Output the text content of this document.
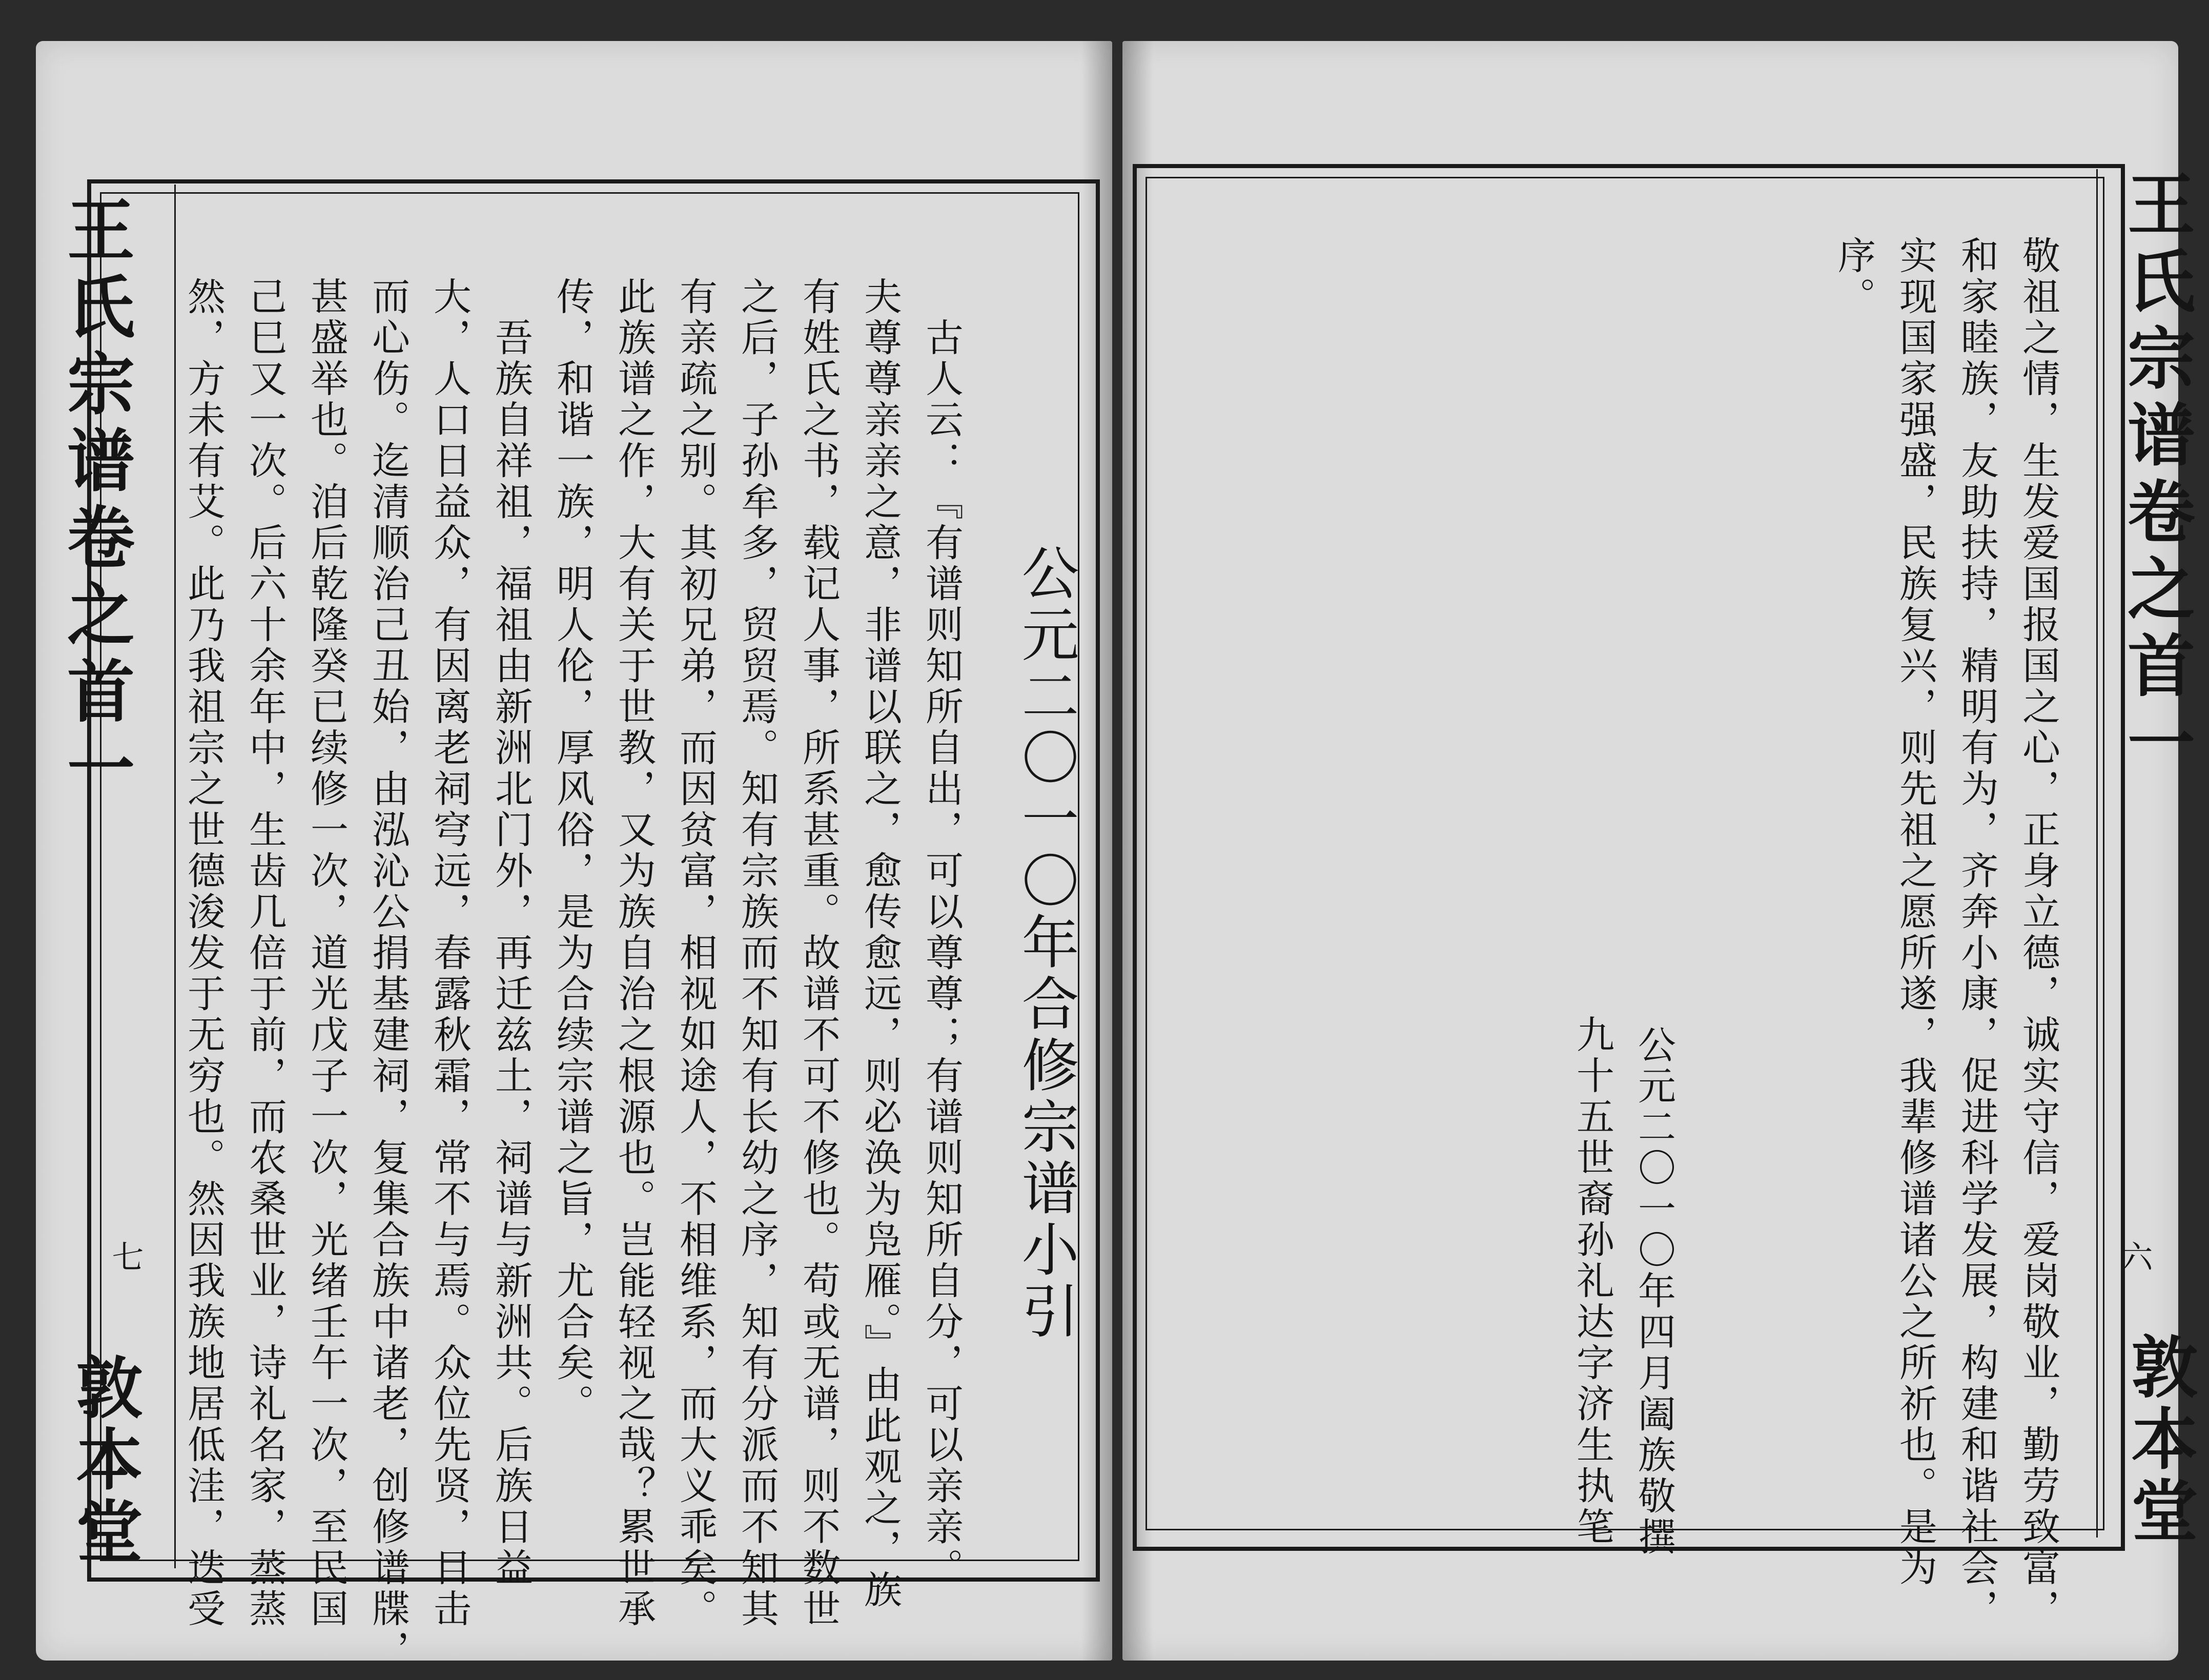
王氏宗谱卷之首一
七
敦本堂
公元二〇一〇年合修宗谱小引
古人云：『有谱则知所自出，可以尊尊；有谱则知所自分，可以亲亲。
夫尊尊亲亲之意，非谱以联之，愈传愈远，则必涣为凫雁。』由此观之，族
有姓氏之书，载记人事，所系甚重。故谱不可不修也。苟或无谱，则不数世
之后，子孙牟多，贸贸焉。知有宗族而不知有长幼之序，知有分派而不知其
有亲疏之别。其初兄弟，而因贫富，相视如途人，不相维系，而大义乖矣。
此族谱之作，大有关于世教，又为族自治之根源也。岂能轻视之哉？累世承
传，和谐一族，明人伦，厚风俗，是为合续宗谱之旨，尤合矣。
吾族自祥祖，福祖由新洲北门外，再迁兹土，祠谱与新洲共。后族日益
大，人口日益众，有因离老祠穹远，春露秋霜，常不与焉。众位先贤，目击
而心伤。迄清顺治己丑始，由泓沁公捐基建祠，复集合族中诸老，创修谱牒，
甚盛举也。洎后乾隆癸已续修一次，道光戊子一次，光绪壬午一次，至民国
己巳又一次。后六十余年中，生齿几倍于前，而农桑世业，诗礼名家，蒸蒸
然，方未有艾。此乃我祖宗之世德浚发于无穷也。然因我族地居低洼，迭受	王氏宗谱卷之首一
六
敦本堂
序。 实现国家强盛，民族复兴，则先祖之愿所遂，我辈修谱诸公之所祈也。是为 和家睦族，友助扶持，精明有为，齐奔小康，促进科学发展，构建和谐社会， 敬祖之情，生发爱国报国之心，正身立德，诚实守信，爱岗敬业，勤劳致富，
公元二〇一〇年四月阖族敬撰
九十五世裔孙礼达字济生执笔
